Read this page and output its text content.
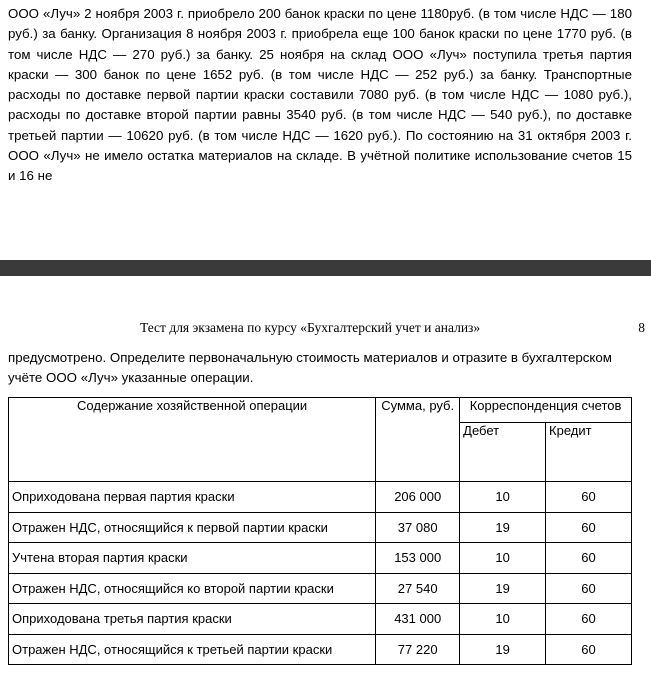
ООО «Луч» 2 ноября 2003 г. приобрело 200 банок краски по цене 1180руб. (в том числе НДС — 180 руб.) за банку. Организация 8 ноября 2003 г. приобрела еще 100 банок краски по цене 1770 руб. (в том числе НДС — 270 руб.) за банку. 25 ноября на склад ООО «Луч» поступила третья партия краски — 300 банок по цене 1652 руб. (в том числе НДС — 252 руб.) за банку. Транспортные расходы по доставке первой партии краски составили 7080 руб. (в том числе НДС — 1080 руб.), расходы по доставке второй партии равны 3540 руб. (в том числе НДС — 540 руб.), по доставке третьей партии — 10620 руб. (в том числе НДС — 1620 руб.). По состоянию на 31 октября 2003 г. ООО «Луч» не имело остатка материалов на складе. В учётной политике использование счетов 15 и 16 не

Тест для экзамена по курсу «Бухгалтерский учет и анализ»	8

предусмотрено. Определите первоначальную стоимость материалов и отразите в бухгалтерском учёте ООО «Луч» указанные операции.

Содержание хозяйственной операции	Сумма, руб.	Корреспонденция счетов	
		Дебет	Кредит
Оприходована первая партия краски	206 000	10	60
Отражен НДС, относящийся к первой партии краски	37 080	19	60
Учтена вторая партия краски	153 000	10	60
Отражен НДС, относящийся ко второй партии краски	27 540	19	60
Оприходована третья партия краски	431 000	10	60
Отражен НДС, относящийся к третьей партии краски	77 220	19	60
